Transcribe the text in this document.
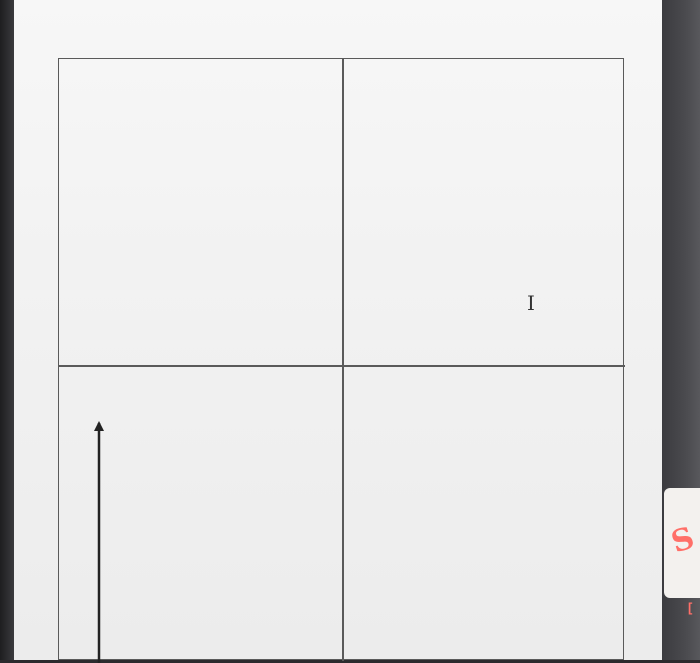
I
S
[
